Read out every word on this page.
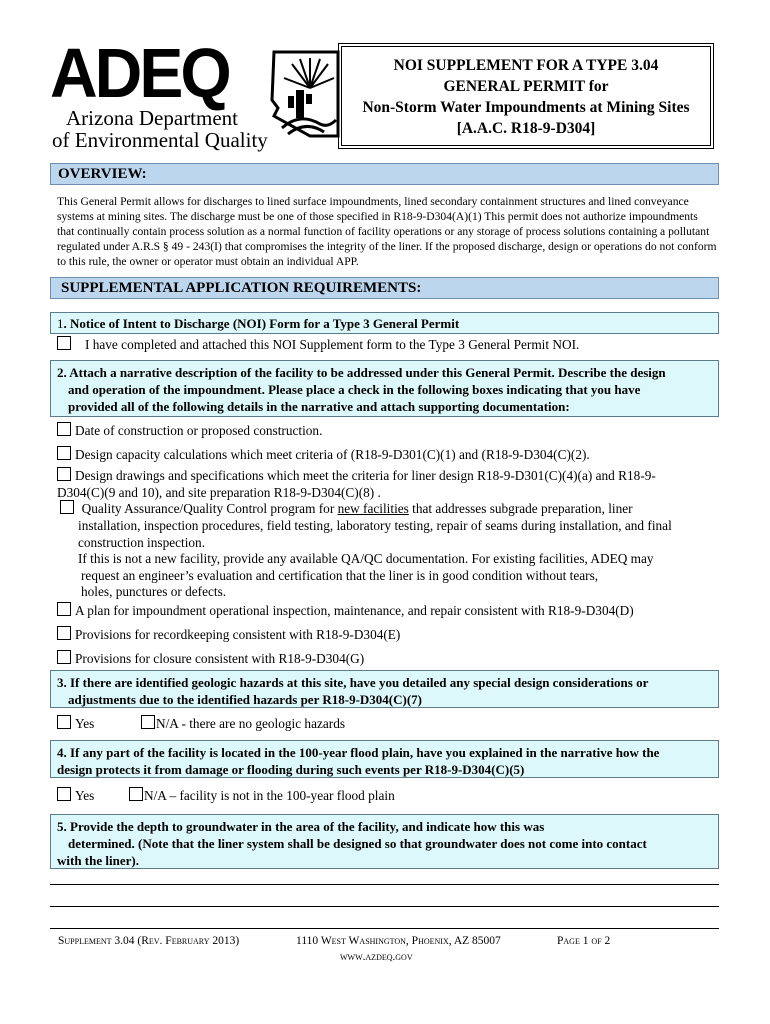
ADEQ
Arizona Department
of Environmental Quality
NOI SUPPLEMENT FOR A TYPE 3.04
GENERAL PERMIT for
Non-Storm Water Impoundments at Mining Sites
[A.A.C. R18-9-D304]
OVERVIEW:
This General Permit allows for discharges to lined surface impoundments, lined secondary containment structures and lined conveyance systems at mining sites. The discharge must be one of those specified in R18-9-D304(A)(1) This permit does not authorize impoundments that continually contain process solution as a normal function of facility operations or any storage of process solutions containing a pollutant regulated under A.R.S § 49 - 243(I) that compromises the integrity of the liner. If the proposed discharge, design or operations do not conform to this rule, the owner or operator must obtain an individual APP.
SUPPLEMENTAL APPLICATION REQUIREMENTS:
1. Notice of Intent to Discharge (NOI) Form for a Type 3 General Permit
I have completed and attached this NOI Supplement form to the Type 3 General Permit NOI.
2. Attach a narrative description of the facility to be addressed under this General Permit. Describe the design
and operation of the impoundment. Please place a check in the following boxes indicating that you have
provided all of the following details in the narrative and attach supporting documentation:
Date of construction or proposed construction.
Design capacity calculations which meet criteria of (R18-9-D301(C)(1) and (R18-9-D304(C)(2).
Design drawings and specifications which meet the criteria for liner design R18-9-D301(C)(4)(a) and R18-9-
D304(C)(9 and 10), and site preparation R18-9-D304(C)(8) .
Quality Assurance/Quality Control program for new facilities that addresses subgrade preparation, liner
installation, inspection procedures, field testing, laboratory testing, repair of seams during installation, and final
construction inspection.
If this is not a new facility, provide any available QA/QC documentation. For existing facilities, ADEQ may
request an engineer’s evaluation and certification that the liner is in good condition without tears,
holes, punctures or defects.
A plan for impoundment operational inspection, maintenance, and repair consistent with R18-9-D304(D)
Provisions for recordkeeping consistent with R18-9-D304(E)
Provisions for closure consistent with R18-9-D304(G)
3. If there are identified geologic hazards at this site, have you detailed any special design considerations or
adjustments due to the identified hazards per R18-9-D304(C)(7)
Yes	N/A - there are no geologic hazards
4. If any part of the facility is located in the 100-year flood plain, have you explained in the narrative how the
design protects it from damage or flooding during such events per R18-9-D304(C)(5)
Yes	N/A – facility is not in the 100-year flood plain
5. Provide the depth to groundwater in the area of the facility, and indicate how this was
determined. (Note that the liner system shall be designed so that groundwater does not come into contact
with the liner).
Supplement 3.04 (Rev. February 2013)	1110 West Washington, Phoenix, AZ 85007	Page 1 of 2
www.azdeq.gov
